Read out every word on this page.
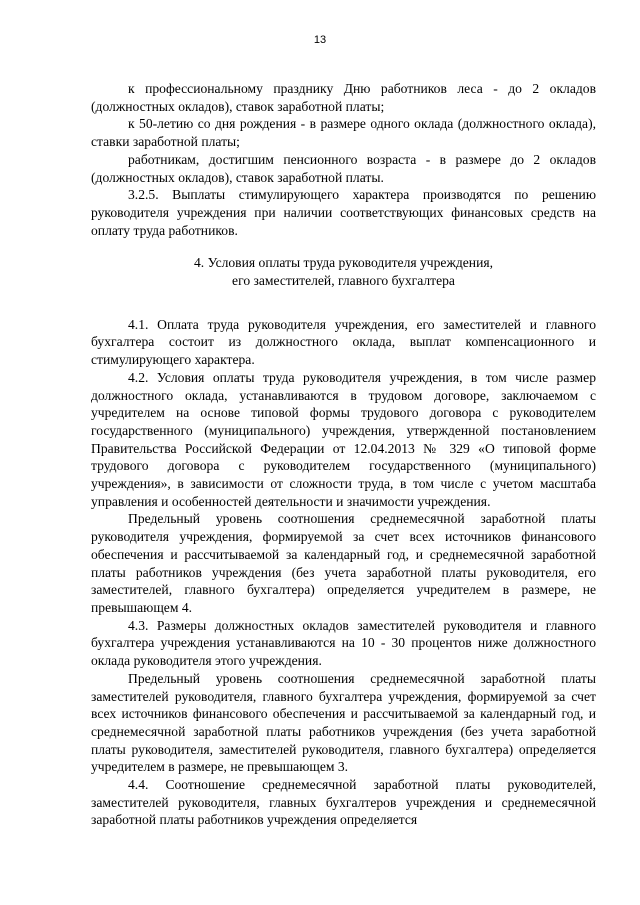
13

к профессиональному празднику Дню работников леса - до 2 окладов (должностных окладов), ставок заработной платы;

к 50-летию со дня рождения - в размере одного оклада (должностного оклада), ставки заработной платы;

работникам, достигшим пенсионного возраста - в размере до 2 окладов (должностных окладов), ставок заработной платы.

3.2.5. Выплаты стимулирующего характера производятся по решению руководителя учреждения при наличии соответствующих финансовых средств на оплату труда работников.

4. Условия оплаты труда руководителя учреждения,
его заместителей, главного бухгалтера

4.1. Оплата труда руководителя учреждения, его заместителей и главного бухгалтера состоит из должностного оклада, выплат компенсационного и стимулирующего характера.

4.2. Условия оплаты труда руководителя учреждения, в том числе размер должностного оклада, устанавливаются в трудовом договоре, заключаемом с учредителем на основе типовой формы трудового договора с руководителем государственного (муниципального) учреждения, утвержденной постановлением Правительства Российской Федерации от 12.04.2013 № 329 «О типовой форме трудового договора с руководителем государственного (муниципального) учреждения», в зависимости от сложности труда, в том числе с учетом масштаба управления и особенностей деятельности и значимости учреждения.

Предельный уровень соотношения среднемесячной заработной платы руководителя учреждения, формируемой за счет всех источников финансового обеспечения и рассчитываемой за календарный год, и среднемесячной заработной платы работников учреждения (без учета заработной платы руководителя, его заместителей, главного бухгалтера) определяется учредителем в размере, не превышающем 4.

4.3. Размеры должностных окладов заместителей руководителя и главного бухгалтера учреждения устанавливаются на 10 - 30 процентов ниже должностного оклада руководителя этого учреждения.

Предельный уровень соотношения среднемесячной заработной платы заместителей руководителя, главного бухгалтера учреждения, формируемой за счет всех источников финансового обеспечения и рассчитываемой за календарный год, и среднемесячной заработной платы работников учреждения (без учета заработной платы руководителя, заместителей руководителя, главного бухгалтера) определяется учредителем в размере, не превышающем 3.

4.4. Соотношение среднемесячной заработной платы руководителей, заместителей руководителя, главных бухгалтеров учреждения и среднемесячной заработной платы работников учреждения определяется
